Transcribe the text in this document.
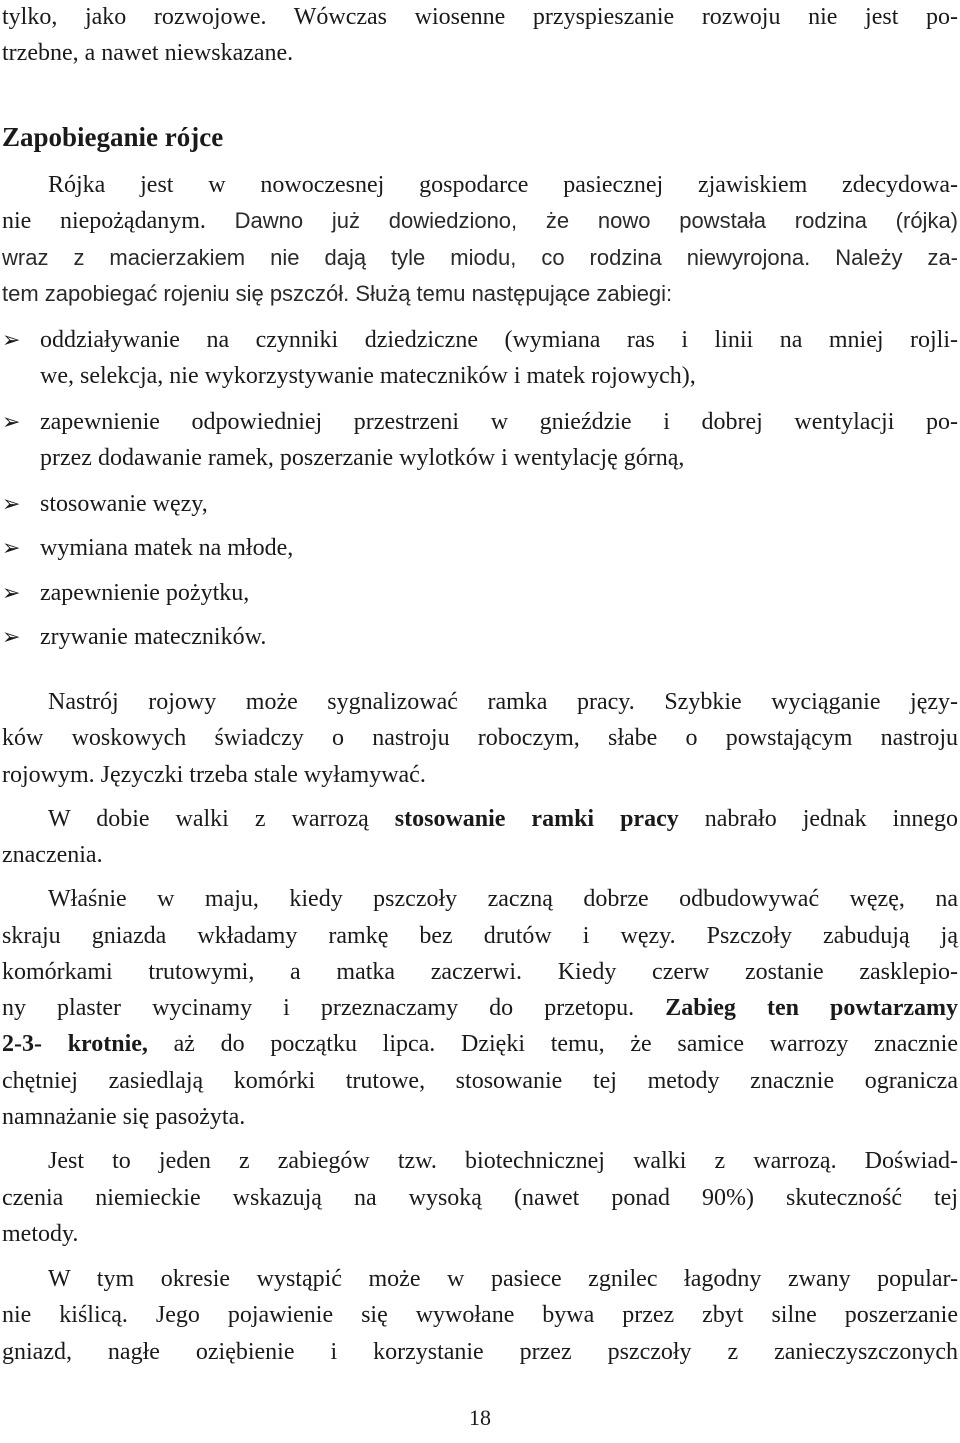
tylko, jako rozwojowe. Wówczas wiosenne przyspieszanie rozwoju nie jest po-
trzebne, a nawet niewskazane.
Zapobieganie rójce
Rójka jest w nowoczesnej gospodarce pasiecznej zjawiskiem zdecydowa-
nie niepożądanym. Dawno już dowiedziono, że nowo powstała rodzina (rójka)
wraz z macierzakiem nie dają tyle miodu, co rodzina niewyrojona. Należy za-
tem zapobiegać rojeniu się pszczół. Służą temu następujące zabiegi:
➢ oddziaływanie na czynniki dziedziczne (wymiana ras i linii na mniej rojli-
we, selekcja, nie wykorzystywanie mateczników i matek rojowych),
➢ zapewnienie odpowiedniej przestrzeni w gnieździe i dobrej wentylacji po-
przez dodawanie ramek, poszerzanie wylotków i wentylację górną,
➢ stosowanie węzy,
➢ wymiana matek na młode,
➢ zapewnienie pożytku,
➢ zrywanie mateczników.
Nastrój rojowy może sygnalizować ramka pracy. Szybkie wyciąganie języ-
ków woskowych świadczy o nastroju roboczym, słabe o powstającym nastroju
rojowym. Języczki trzeba stale wyłamywać.
W dobie walki z warrozą stosowanie ramki pracy nabrało jednak innego
znaczenia.
Właśnie w maju, kiedy pszczoły zaczną dobrze odbudowywać węzę, na
skraju gniazda wkładamy ramkę bez drutów i węzy. Pszczoły zabudują ją
komórkami trutowymi, a matka zaczerwi. Kiedy czerw zostanie zasklepio-
ny plaster wycinamy i przeznaczamy do przetopu. Zabieg ten powtarzamy
2-3- krotnie, aż do początku lipca. Dzięki temu, że samice warrozy znacznie
chętniej zasiedlają komórki trutowe, stosowanie tej metody znacznie ogranicza
namnażanie się pasożyta.
Jest to jeden z zabiegów tzw. biotechnicznej walki z warrozą. Doświad-
czenia niemieckie wskazują na wysoką (nawet ponad 90%) skuteczność tej
metody.
W tym okresie wystąpić może w pasiece zgnilec łagodny zwany popular-
nie kiślicą. Jego pojawienie się wywołane bywa przez zbyt silne poszerzanie
gniazd, nagłe oziębienie i korzystanie przez pszczoły z zanieczyszczonych
18
